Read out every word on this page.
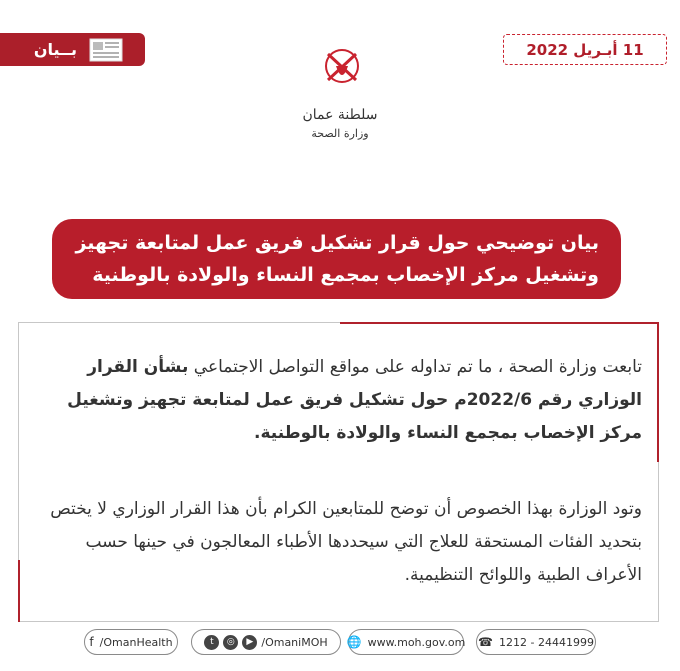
بــيان
سلطنة عمان
وزارة الصحة
11 أبـريل 2022
بيان توضيحي حول قرار تشكيل فريق عمل لمتابعة تجهيز
وتشغيل مركز الإخصاب بمجمع النساء والولادة بالوطنية
تابعت وزارة الصحة ، ما تم تداوله على مواقع التواصل الاجتماعي بشأن القرار الوزاري رقم 2022/6م حول تشكيل فريق عمل لمتابعة تجهيز وتشغيل مركز الإخصاب بمجمع النساء والولادة بالوطنية.
وتود الوزارة بهذا الخصوص أن توضح للمتابعين الكرام بأن هذا القرار الوزاري لا يختص بتحديد الفئات المستحقة للعلاج التي سيحددها الأطباء المعالجون في حينها حسب الأعراف الطبية واللوائح التنظيمية.
f /OmanHealth	t	◎	▶ /OmaniMOH 🌐 www.moh.gov.om ☎ 1212 - 24441999
